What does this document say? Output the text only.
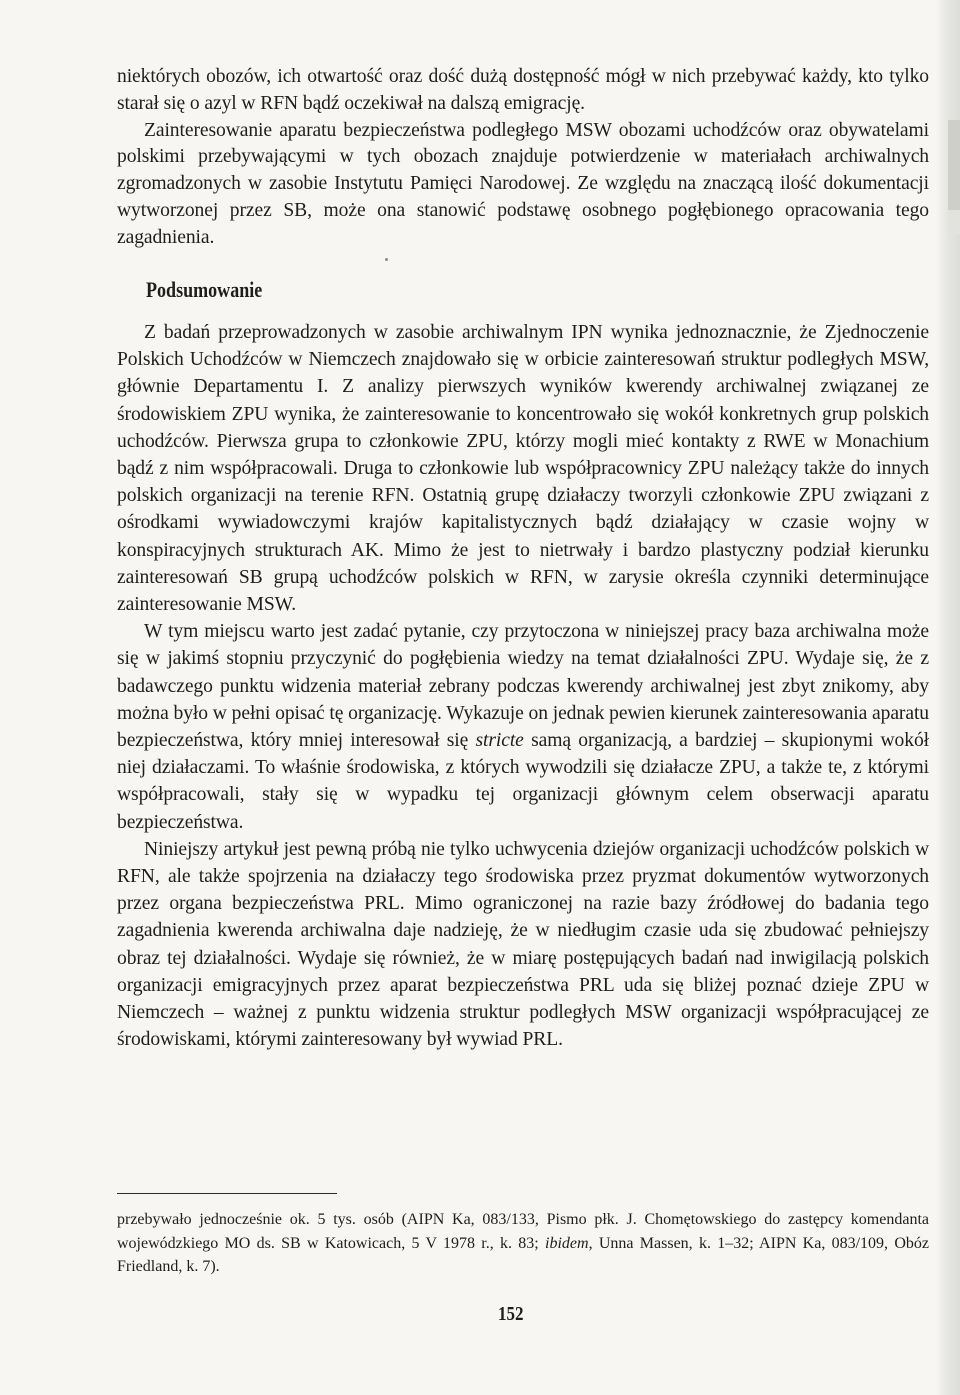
niektórych obozów, ich otwartość oraz dość dużą dostępność mógł w nich przebywać każdy, kto tylko starał się o azyl w RFN bądź oczekiwał na dalszą emigrację.

Zainteresowanie aparatu bezpieczeństwa podległego MSW obozami uchodźców oraz obywatelami polskimi przebywającymi w tych obozach znajduje potwierdzenie w materiałach archiwalnych zgromadzonych w zasobie Instytutu Pamięci Narodowej. Ze względu na znaczącą ilość dokumentacji wytworzonej przez SB, może ona stanowić podstawę osobnego pogłębionego opracowania tego zagadnienia.

Podsumowanie

Z badań przeprowadzonych w zasobie archiwalnym IPN wynika jednoznacznie, że Zjednoczenie Polskich Uchodźców w Niemczech znajdowało się w orbicie zainteresowań struktur podległych MSW, głównie Departamentu I. Z analizy pierwszych wyników kwerendy archiwalnej związanej ze środowiskiem ZPU wynika, że zainteresowanie to koncentrowało się wokół konkretnych grup polskich uchodźców. Pierwsza grupa to członkowie ZPU, którzy mogli mieć kontakty z RWE w Monachium bądź z nim współpracowali. Druga to członkowie lub współpracownicy ZPU należący także do innych polskich organizacji na terenie RFN. Ostatnią grupę działaczy tworzyli członkowie ZPU związani z ośrodkami wywiadowczymi krajów kapitalistycznych bądź działający w czasie wojny w konspiracyjnych strukturach AK. Mimo że jest to nietrwały i bardzo plastyczny podział kierunku zainteresowań SB grupą uchodźców polskich w RFN, w zarysie określa czynniki determinujące zainteresowanie MSW.

W tym miejscu warto jest zadać pytanie, czy przytoczona w niniejszej pracy baza archiwalna może się w jakimś stopniu przyczynić do pogłębienia wiedzy na temat działalności ZPU. Wydaje się, że z badawczego punktu widzenia materiał zebrany podczas kwerendy archiwalnej jest zbyt znikomy, aby można było w pełni opisać tę organizację. Wykazuje on jednak pewien kierunek zainteresowania aparatu bezpieczeństwa, który mniej interesował się stricte samą organizacją, a bardziej – skupionymi wokół niej działaczami. To właśnie środowiska, z których wywodzili się działacze ZPU, a także te, z którymi współpracowali, stały się w wypadku tej organizacji głównym celem obserwacji aparatu bezpieczeństwa.

Niniejszy artykuł jest pewną próbą nie tylko uchwycenia dziejów organizacji uchodźców polskich w RFN, ale także spojrzenia na działaczy tego środowiska przez pryzmat dokumentów wytworzonych przez organa bezpieczeństwa PRL. Mimo ograniczonej na razie bazy źródłowej do badania tego zagadnienia kwerenda archiwalna daje nadzieję, że w niedługim czasie uda się zbudować pełniejszy obraz tej działalności. Wydaje się również, że w miarę postępujących badań nad inwigilacją polskich organizacji emigracyjnych przez aparat bezpieczeństwa PRL uda się bliżej poznać dzieje ZPU w Niemczech – ważnej z punktu widzenia struktur podległych MSW organizacji współpracującej ze środowiskami, którymi zainteresowany był wywiad PRL.

przebywało jednocześnie ok. 5 tys. osób (AIPN Ka, 083/133, Pismo płk. J. Chomętowskiego do zastępcy komendanta wojewódzkiego MO ds. SB w Katowicach, 5 V 1978 r., k. 83; ibidem, Unna Massen, k. 1–32; AIPN Ka, 083/109, Obóz Friedland, k. 7).

152
